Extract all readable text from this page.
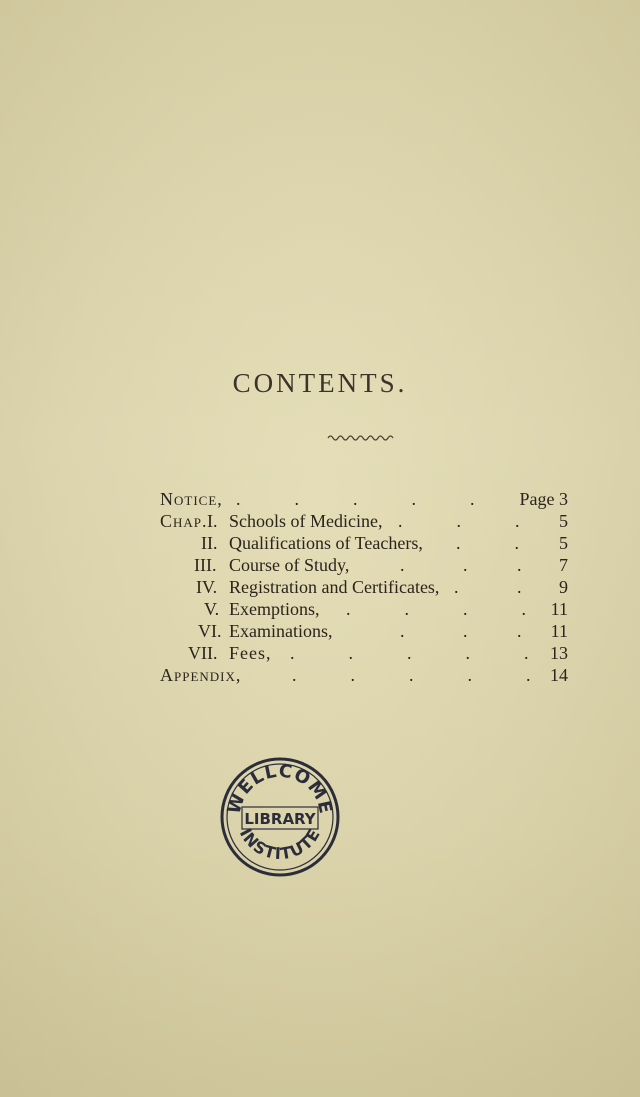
CONTENTS.
Notice, .            .            .            .            .	Page 3
Chap. I. Schools of Medicine, .            .            . 5
II. Qualifications of Teachers, .            . 5
III. Course of Study,	.             .           . 7
IV. Registration and Certificates, .             . 9
V. Exemptions, .            .            .            . 11
VI. Examinations,	.             .           . 11
VII. Fees, .            .            .            .            . 13
Appendix,	.            .            .            .            . 14
WELLCOME
LIBRARY
INSTITUTE
